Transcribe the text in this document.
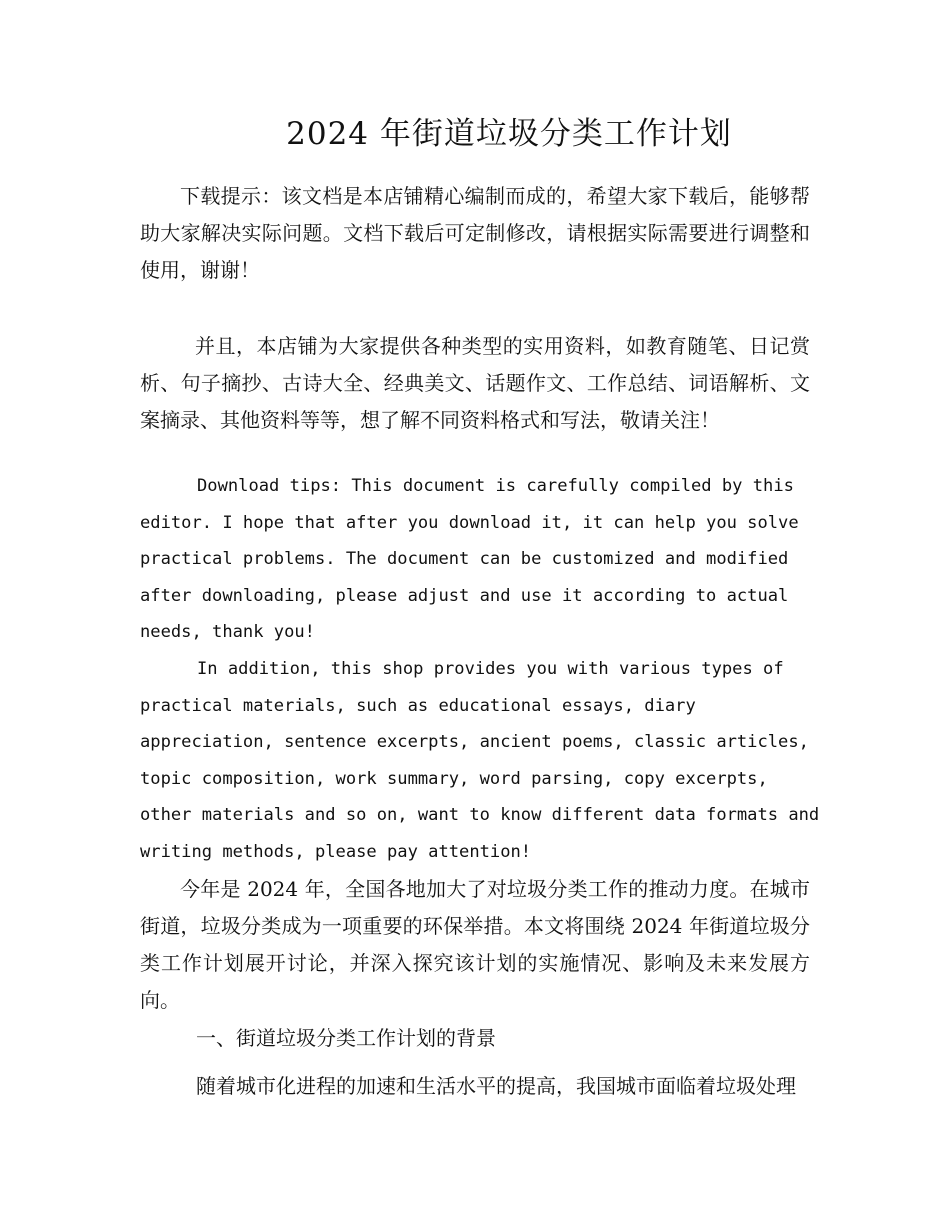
2024 年街道垃圾分类工作计划
下载提示：该文档是本店铺精心编制而成的，希望大家下载后，能够帮助大家解决实际问题。文档下载后可定制修改，请根据实际需要进行调整和使用，谢谢！
并且，本店铺为大家提供各种类型的实用资料，如教育随笔、日记赏析、句子摘抄、古诗大全、经典美文、话题作文、工作总结、词语解析、文案摘录、其他资料等等，想了解不同资料格式和写法，敬请关注！
Download tips: This document is carefully compiled by this editor. I hope that after you download it, it can help you solve practical problems. The document can be customized and modified after downloading, please adjust and use it according to actual needs, thank you!
In addition, this shop provides you with various types of practical materials, such as educational essays, diary appreciation, sentence excerpts, ancient poems, classic articles, topic composition, work summary, word parsing, copy excerpts, other materials and so on, want to know different data formats and writing methods, please pay attention!
今年是 2024 年，全国各地加大了对垃圾分类工作的推动力度。在城市街道，垃圾分类成为一项重要的环保举措。本文将围绕 2024 年街道垃圾分类工作计划展开讨论，并深入探究该计划的实施情况、影响及未来发展方向。
一、街道垃圾分类工作计划的背景
随着城市化进程的加速和生活水平的提高，我国城市面临着垃圾处理
